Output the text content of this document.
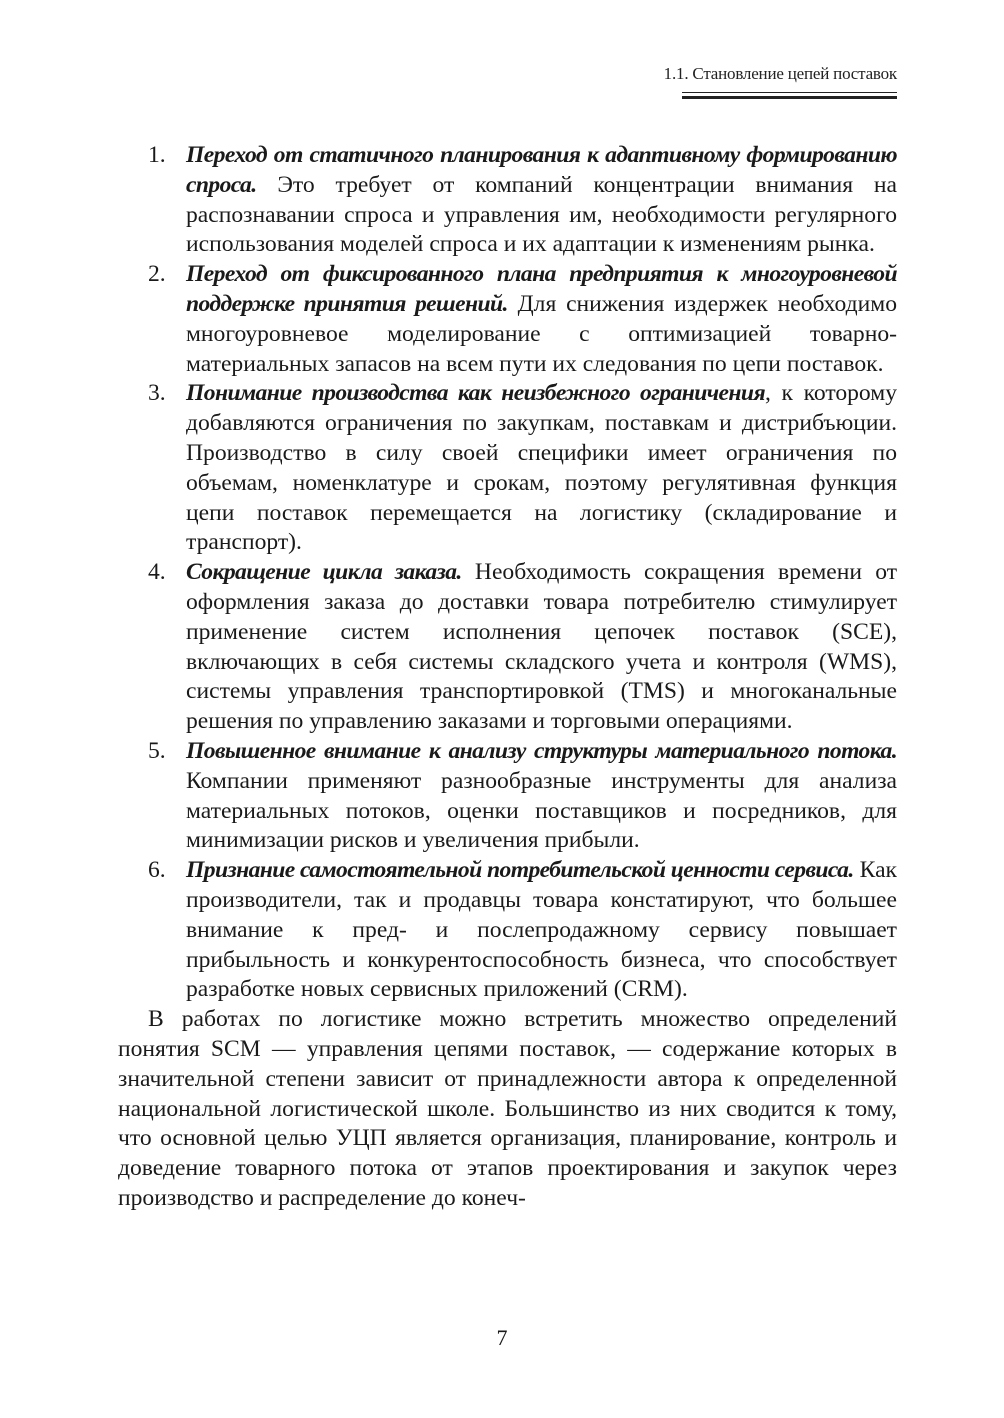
1.1. Становление цепей поставок
1. Переход от статичного планирования к адаптивному формированию спроса. Это требует от компаний концентрации внимания на распознавании спроса и управления им, необходимости регулярного использования моделей спроса и их адаптации к изменениям рынка.
2. Переход от фиксированного плана предприятия к многоуровневой поддержке принятия решений. Для снижения издержек необходимо многоуровневое моделирование с оптимизацией товарно-материальных запасов на всем пути их следования по цепи поставок.
3. Понимание производства как неизбежного ограничения, к которому добавляются ограничения по закупкам, поставкам и дистрибъюции. Производство в силу своей специфики имеет ограничения по объемам, номенклатуре и срокам, поэтому регулятивная функция цепи поставок перемещается на логистику (складирование и транспорт).
4. Сокращение цикла заказа. Необходимость сокращения времени от оформления заказа до доставки товара потребителю стимулирует применение систем исполнения цепочек поставок (SCE), включающих в себя системы складского учета и контроля (WMS), системы управления транспортировкой (TMS) и многоканальные решения по управлению заказами и торговыми операциями.
5. Повышенное внимание к анализу структуры материального потока. Компании применяют разнообразные инструменты для анализа материальных потоков, оценки поставщиков и посредников, для минимизации рисков и увеличения прибыли.
6. Признание самостоятельной потребительской ценности сервиса. Как производители, так и продавцы товара констатируют, что большее внимание к пред- и послепродажному сервису повышает прибыльность и конкурентоспособность бизнеса, что способствует разработке новых сервисных приложений (CRM).

В работах по логистике можно встретить множество определений понятия SCM — управления цепями поставок, — содержание которых в значительной степени зависит от принадлежности автора к определенной национальной логистической школе. Большинство из них сводится к тому, что основной целью УЦП является организация, планирование, контроль и доведение товарного потока от этапов проектирования и закупок через производство и распределение до конеч-

7
